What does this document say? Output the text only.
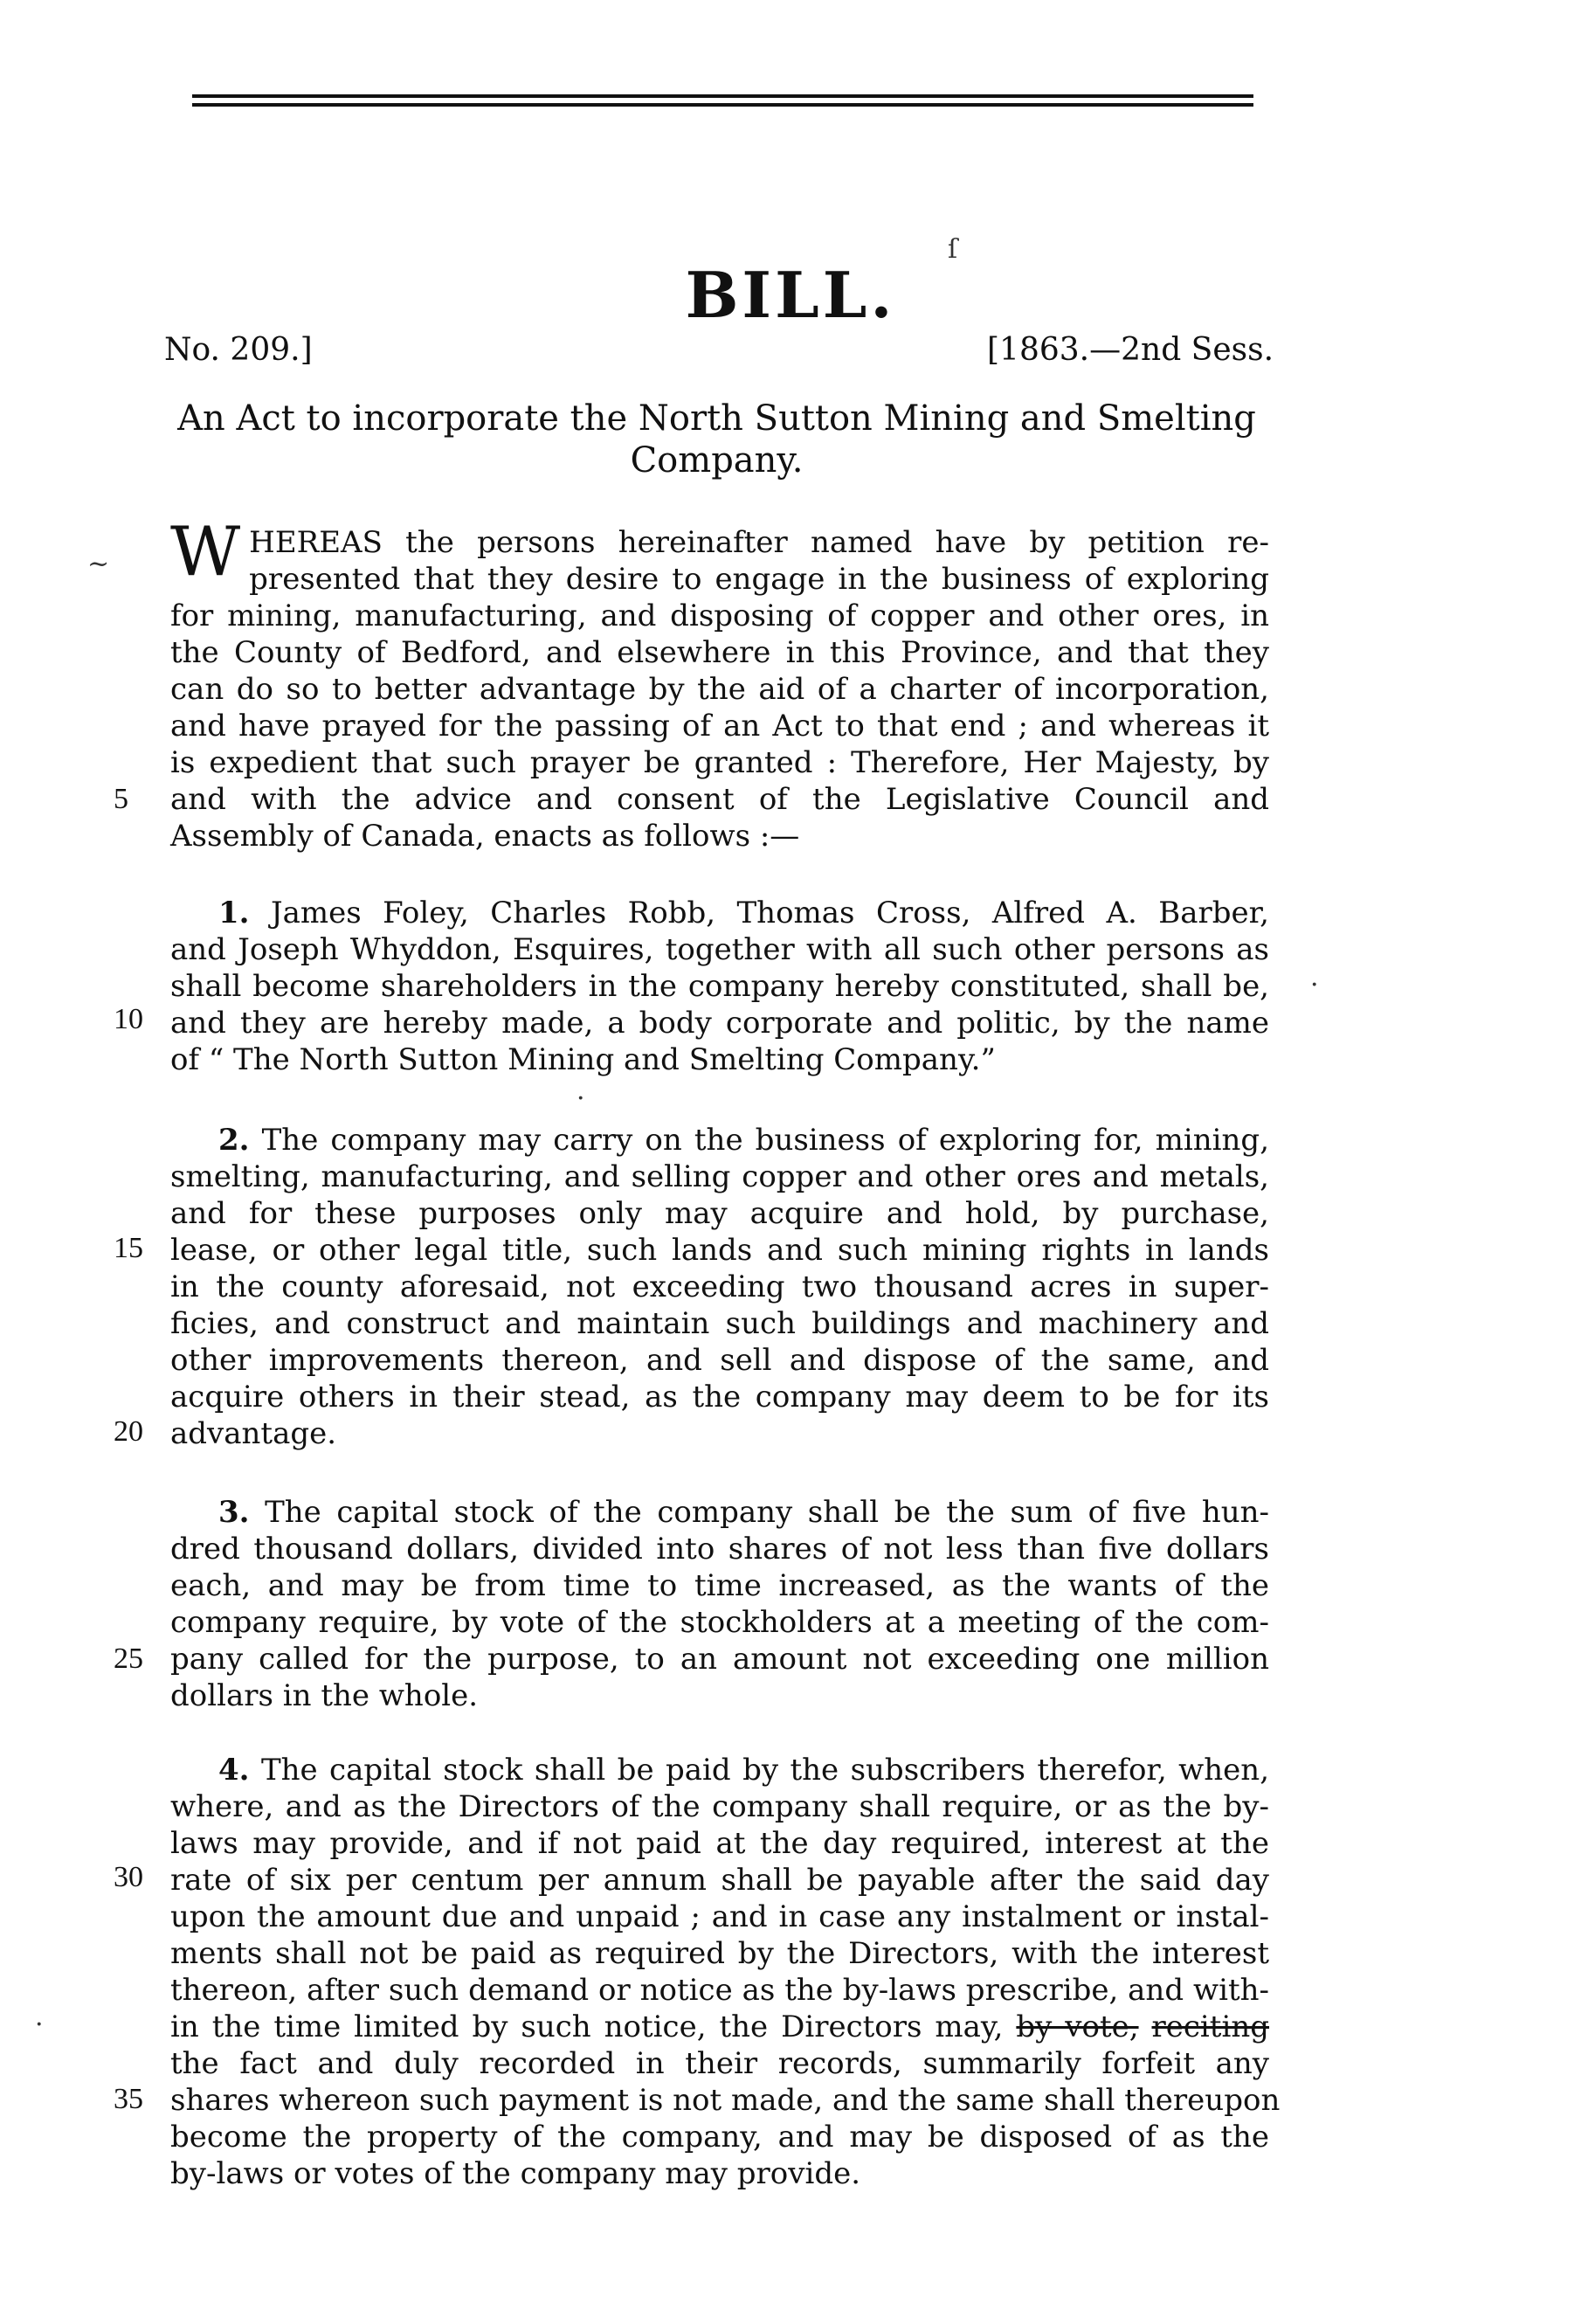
BILL.
No. 209.]	[1863.—2nd Sess.
An Act to incorporate the North Sutton Mining and Smelting
Company.
W HEREAS the persons hereinafter named have by petition re-
presented that they desire to engage in the business of exploring
for mining, manufacturing, and disposing of copper and other ores, in
the County of Bedford, and elsewhere in this Province, and that they
can do so to better advantage by the aid of a charter of incorporation,
and have prayed for the passing of an Act to that end ; and whereas it
is expedient that such prayer be granted : Therefore, Her Majesty, by
and with the advice and consent of the Legislative Council and
Assembly of Canada, enacts as follows :—
1. James Foley, Charles Robb, Thomas Cross, Alfred A. Barber,
and Joseph Whyddon, Esquires, together with all such other persons as
shall become shareholders in the company hereby constituted, shall be,
and they are hereby made, a body corporate and politic, by the name
of “ The North Sutton Mining and Smelting Company.”
2. The company may carry on the business of exploring for, mining,
smelting, manufacturing, and selling copper and other ores and metals,
and for these purposes only may acquire and hold, by purchase,
lease, or other legal title, such lands and such mining rights in lands
in the county aforesaid, not exceeding two thousand acres in super-
ficies, and construct and maintain such buildings and machinery and
other improvements thereon, and sell and dispose of the same, and
acquire others in their stead, as the company may deem to be for its
advantage.
3. The capital stock of the company shall be the sum of five hun-
dred thousand dollars, divided into shares of not less than five dollars
each, and may be from time to time increased, as the wants of the
company require, by vote of the stockholders at a meeting of the com-
pany called for the purpose, to an amount not exceeding one million
dollars in the whole.
4. The capital stock shall be paid by the subscribers therefor, when,
where, and as the Directors of the company shall require, or as the by-
laws may provide, and if not paid at the day required, interest at the
rate of six per centum per annum shall be payable after the said day
upon the amount due and unpaid ; and in case any instalment or instal-
ments shall not be paid as required by the Directors, with the interest
thereon, after such demand or notice as the by-laws prescribe, and with-
in the time limited by such notice, the Directors may, by vote, reciting
the fact and duly recorded in their records, summarily forfeit any
shares whereon such payment is not made, and the same shall thereupon
become the property of the company, and may be disposed of as the
by-laws or votes of the company may provide.
5
10
15
20
25
30
35
ſ
~
·
·
·
